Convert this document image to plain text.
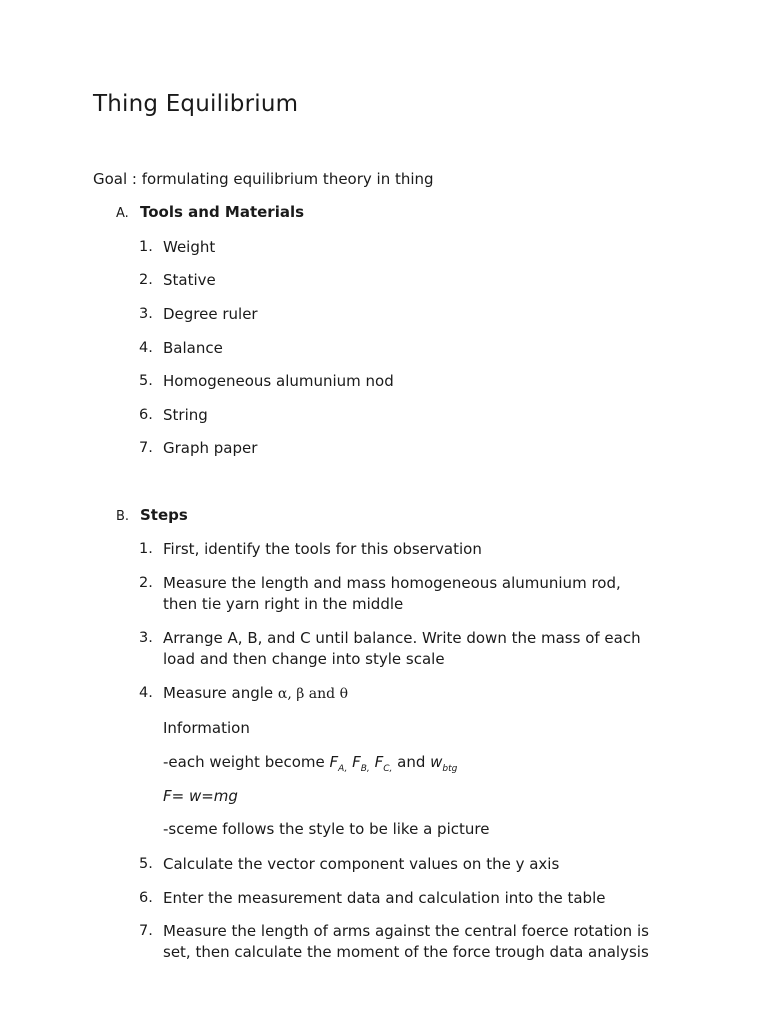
Thing Equilibrium
Goal : formulating equilibrium theory in thing
A. Tools and Materials
1. Weight
2. Stative
3. Degree ruler
4. Balance
5. Homogeneous alumunium nod
6. String
7. Graph paper
B. Steps
1. First, identify the tools for this observation
2. Measure the length and mass homogeneous alumunium rod,
then tie yarn right in the middle
3. Arrange A, B, and C until balance. Write down the mass of each
load and then change into style scale
4. Measure angle α, β and θ
Information
-each weight become $F_{A,}$ $F_{B,}$ $F_{C,}$ and $w_{btg}$
F= w=mg
-sceme follows the style to be like a picture
5. Calculate the vector component values on the y axis
6. Enter the measurement data and calculation into the table
7. Measure the length of arms against the central foerce rotation is
set, then calculate the moment of the force trough data analysis
